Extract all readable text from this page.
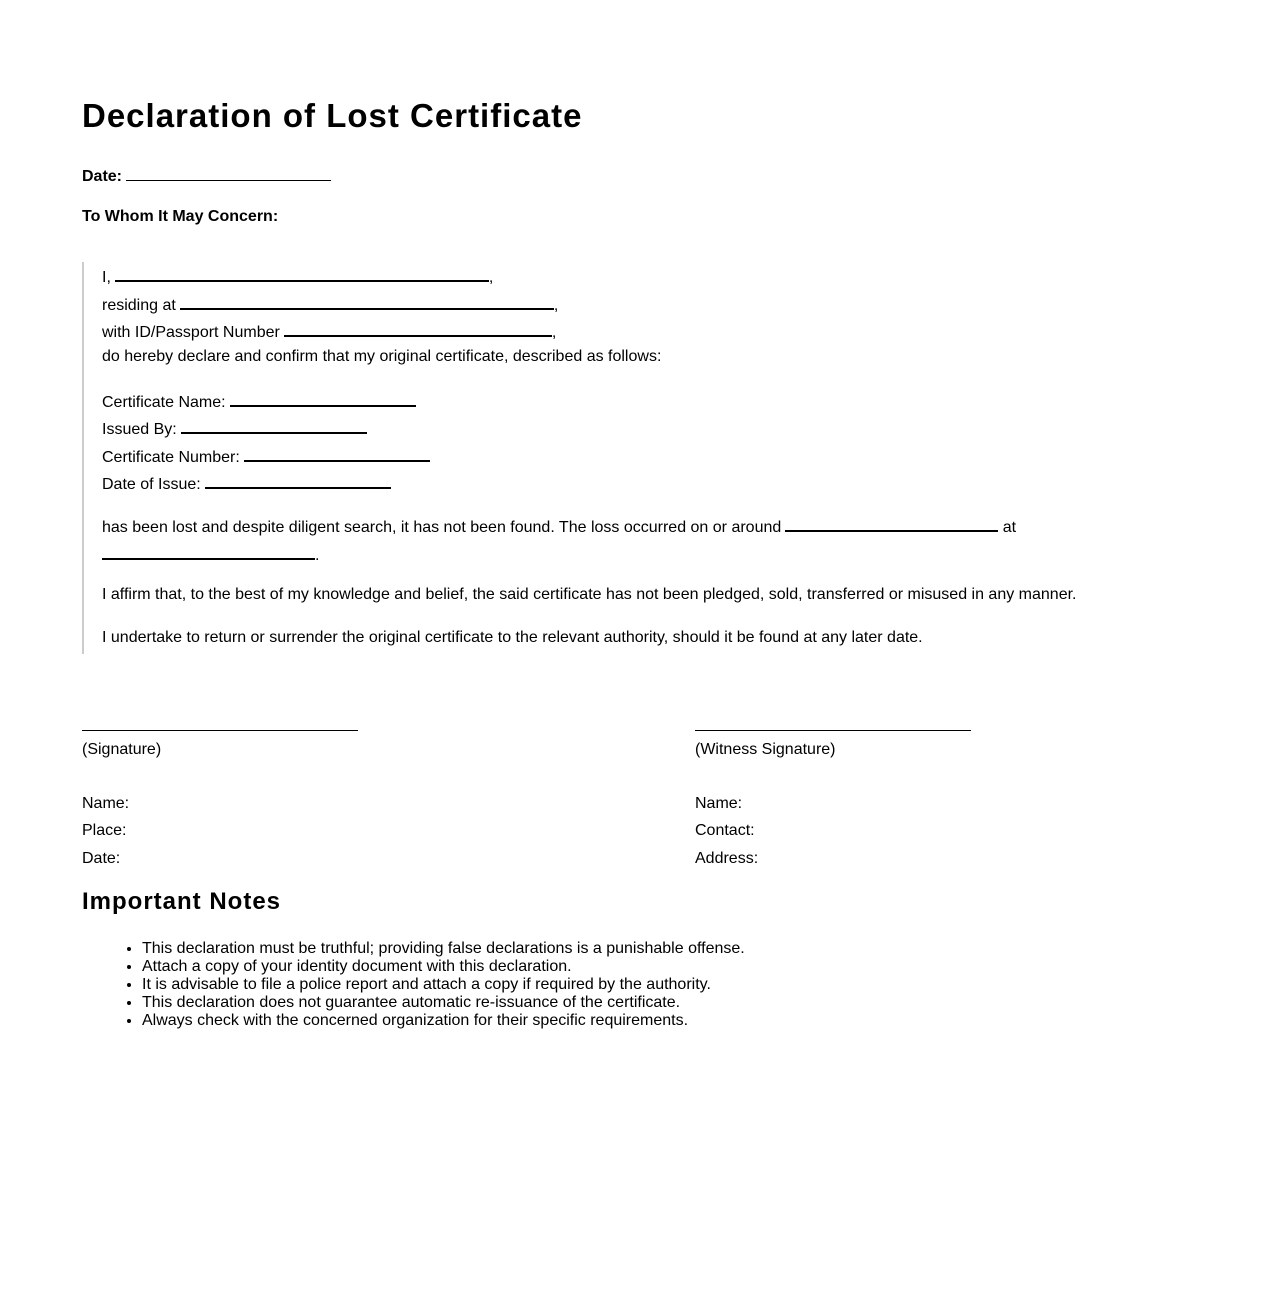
Declaration of Lost Certificate
Date:
To Whom It May Concern:
I,	,
residing at	,
with ID/Passport Number	,
do hereby declare and confirm that my original certificate, described as follows:
Certificate Name:
Issued By:
Certificate Number:
Date of Issue:
has been lost and despite diligent search, it has not been found. The loss occurred on or around	at
.
I affirm that, to the best of my knowledge and belief, the said certificate has not been pledged, sold, transferred or misused in any manner.
I undertake to return or surrender the original certificate to the relevant authority, should it be found at any later date.
(Signature)
Name:
Place:
Date:
(Witness Signature)
Name:
Contact:
Address:
Important Notes
• This declaration must be truthful; providing false declarations is a punishable offense.
• Attach a copy of your identity document with this declaration.
• It is advisable to file a police report and attach a copy if required by the authority.
• This declaration does not guarantee automatic re-issuance of the certificate.
• Always check with the concerned organization for their specific requirements.
